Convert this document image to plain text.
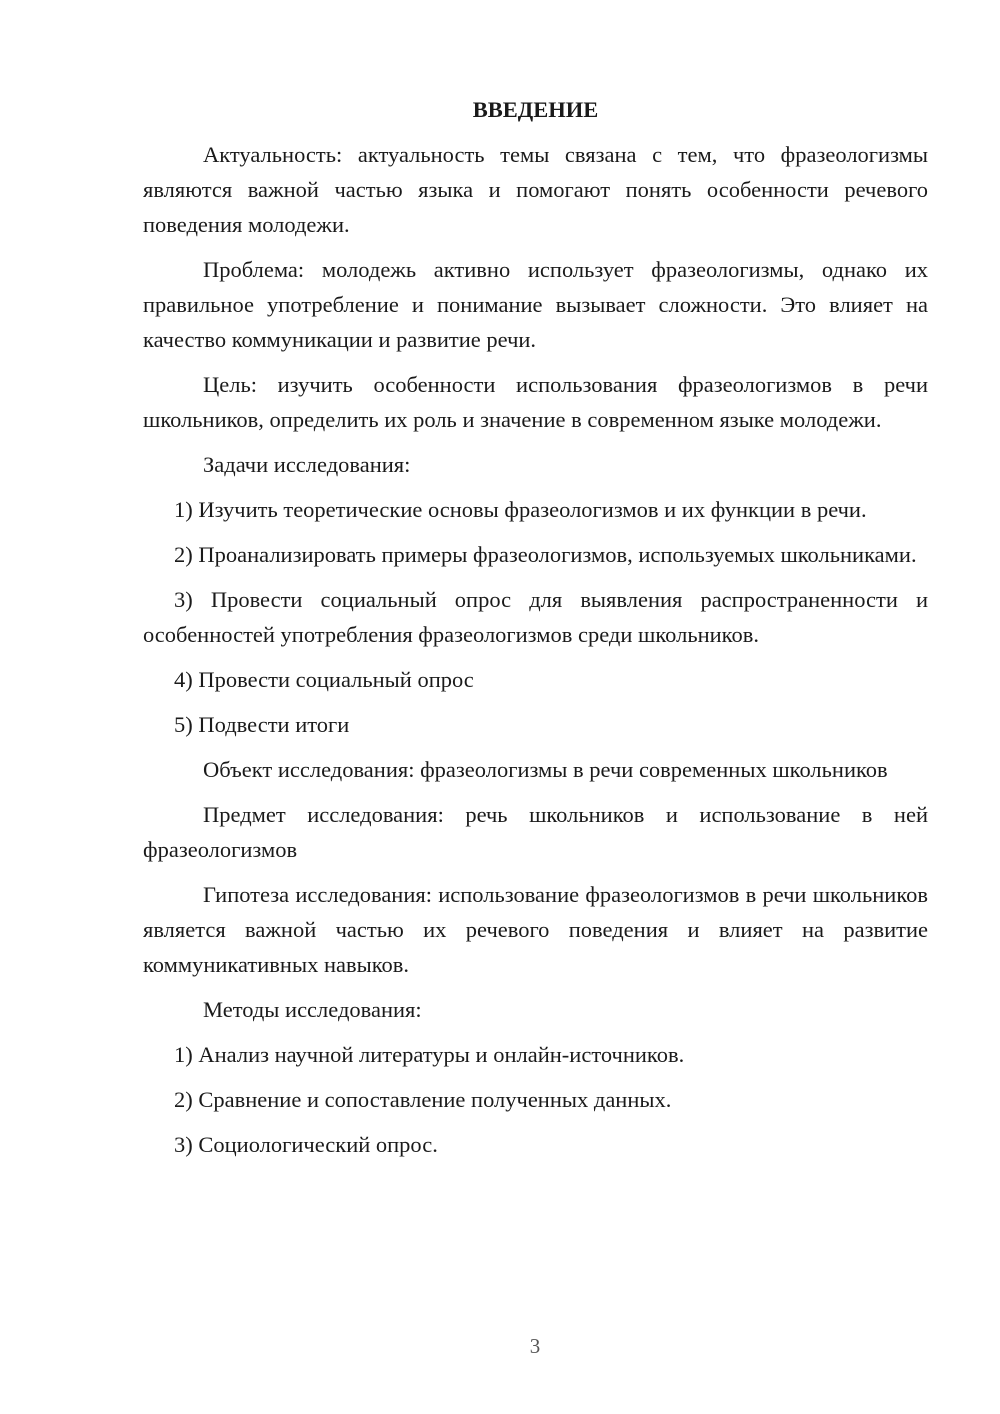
ВВЕДЕНИЕ

Актуальность: актуальность темы связана с тем, что фразеологизмы являются важной частью языка и помогают понять особенности речевого поведения молодежи.

Проблема: молодежь активно использует фразеологизмы, однако их правильное употребление и понимание вызывает сложности. Это влияет на качество коммуникации и развитие речи.

Цель: изучить особенности использования фразеологизмов в речи школьников, определить их роль и значение в современном языке молодежи.

Задачи исследования:

1) Изучить теоретические основы фразеологизмов и их функции в речи.

2) Проанализировать примеры фразеологизмов, используемых школьниками.

3) Провести социальный опрос для выявления распространенности и особенностей употребления фразеологизмов среди школьников.

4) Провести социальный опрос

5) Подвести итоги

Объект исследования: фразеологизмы в речи современных школьников

Предмет исследования: речь школьников и использование в ней фразеологизмов

Гипотеза исследования: использование фразеологизмов в речи школьников является важной частью их речевого поведения и влияет на развитие коммуникативных навыков.

Методы исследования:

1) Анализ научной литературы и онлайн-источников.

2) Сравнение и сопоставление полученных данных.

3) Социологический опрос.

3
